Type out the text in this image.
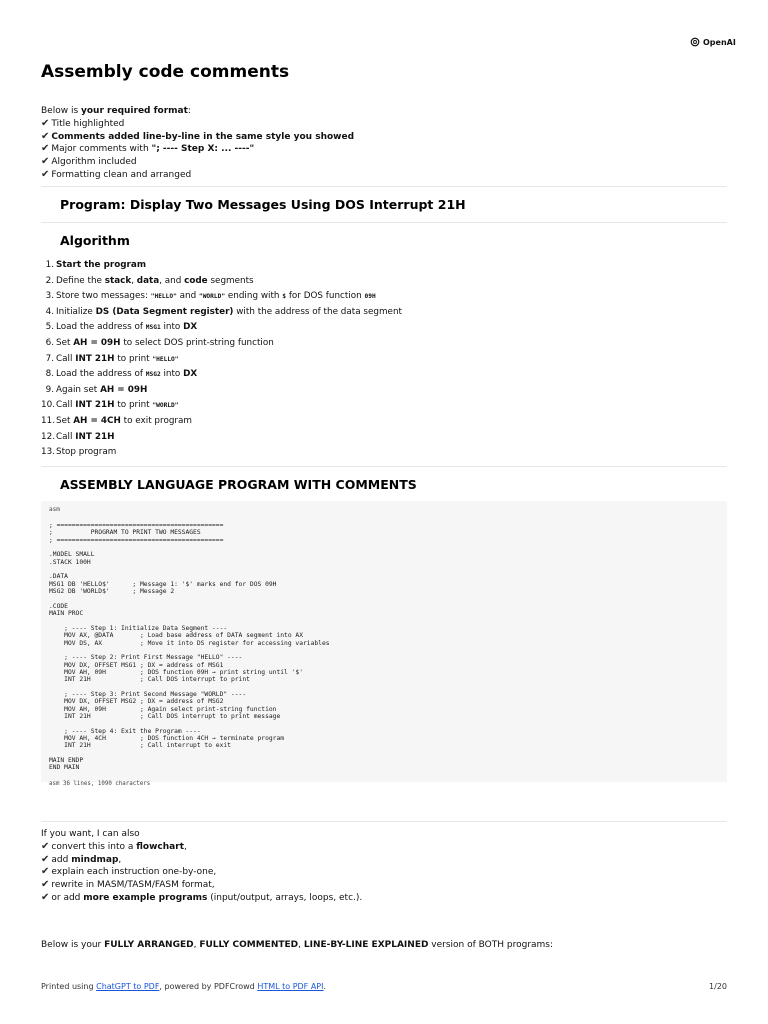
OpenAI
Assembly code comments
Below is your required format:
✔ Title highlighted
✔ Comments added line-by-line in the same style you showed
✔ Major comments with "; ---- Step X: ... ----"
✔ Algorithm included
✔ Formatting clean and arranged
Program: Display Two Messages Using DOS Interrupt 21H
Algorithm
1. Start the program
2. Define the stack, data, and code segments
3. Store two messages: "HELLO" and "WORLD" ending with $ for DOS function 09H
4. Initialize DS (Data Segment register) with the address of the data segment
5. Load the address of MSG1 into DX
6. Set AH = 09H to select DOS print-string function
7. Call INT 21H to print "HELLO"
8. Load the address of MSG2 into DX
9. Again set AH = 09H
10. Call INT 21H to print "WORLD"
11. Set AH = 4CH to exit program
12. Call INT 21H
13. Stop program
ASSEMBLY LANGUAGE PROGRAM WITH COMMENTS
asm
; ============================================
;          PROGRAM TO PRINT TWO MESSAGES
; ============================================

.MODEL SMALL
.STACK 100H

.DATA
MSG1 DB 'HELLO$'      ; Message 1: '$' marks end for DOS 09H
MSG2 DB 'WORLD$'      ; Message 2

.CODE
MAIN PROC

; ---- Step 1: Initialize Data Segment ----
MOV AX, @DATA       ; Load base address of DATA segment into AX
MOV DS, AX          ; Move it into DS register for accessing variables

; ---- Step 2: Print First Message "HELLO" ----
MOV DX, OFFSET MSG1 ; DX = address of MSG1
MOV AH, 09H         ; DOS function 09H → print string until '$'
INT 21H             ; Call DOS interrupt to print

; ---- Step 3: Print Second Message "WORLD" ----
MOV DX, OFFSET MSG2 ; DX = address of MSG2
MOV AH, 09H         ; Again select print-string function
INT 21H             ; Call DOS interrupt to print message

; ---- Step 4: Exit the Program ----
MOV AH, 4CH         ; DOS function 4CH → terminate program
INT 21H             ; Call interrupt to exit

MAIN ENDP
END MAIN
asm 36 lines, 1090 characters
If you want, I can also
✔ convert this into a flowchart,
✔ add mindmap,
✔ explain each instruction one-by-one,
✔ rewrite in MASM/TASM/FASM format,
✔ or add more example programs (input/output, arrays, loops, etc.).
Below is your FULLY ARRANGED, FULLY COMMENTED, LINE-BY-LINE EXPLAINED version of BOTH programs:
Printed using ChatGPT to PDF, powered by PDFCrowd HTML to PDF API.	1/20
